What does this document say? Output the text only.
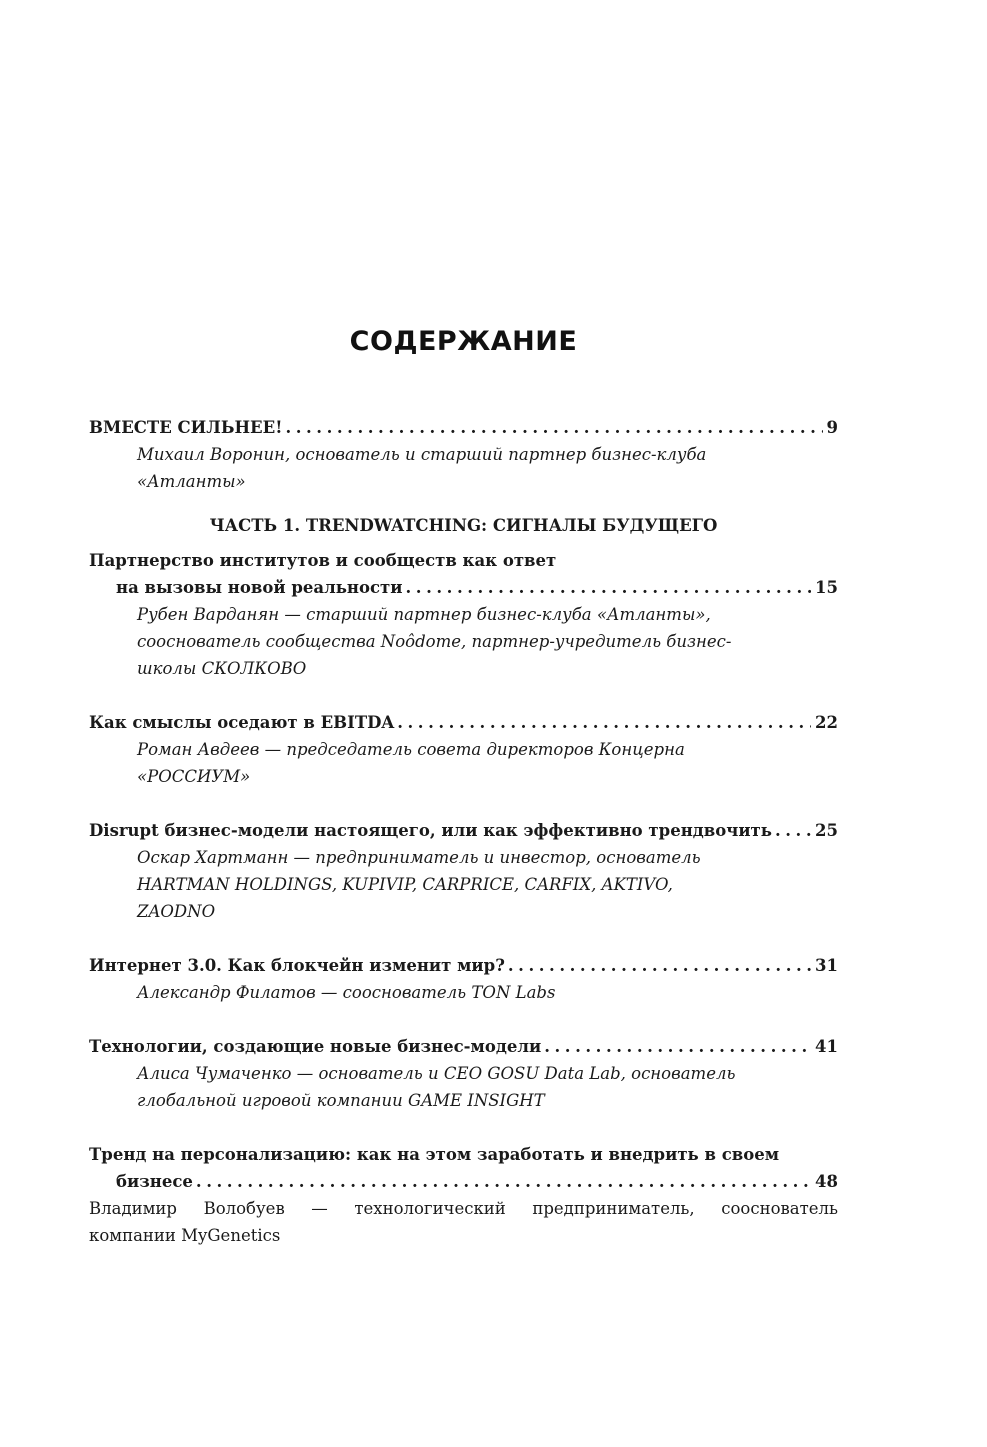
СОДЕРЖАНИЕ
ВМЕСТЕ СИЛЬНЕЕ! . . .	9
Михаил Воронин, основатель и старший партнер бизнес-клуба
«Атланты»
ЧАСТЬ 1. TRENDWATCHING: СИГНАЛЫ БУДУЩЕГО
Партнерство институтов и сообществ как ответ
на вызовы новой реальности . . .	15
Рубен Варданян — старший партнер бизнес-клуба «Атланты»,
сооснователь сообщества Noôdome, партнер-учредитель бизнес-
школы СКОЛКОВО
Как смыслы оседают в EBITDA . . .	22
Роман Авдеев — председатель совета директоров Концерна
«РОССИУМ»
Disrupt бизнес-модели настоящего, или как эффективно трендвочить . . .	25
Оскар Хартманн — предприниматель и инвестор, основатель
HARTMAN HOLDINGS, KUPIVIP, CARPRICE, CARFIX, AKTIVO,
ZAODNO
Интернет 3.0. Как блокчейн изменит мир? . . .	31
Александр Филатов — сооснователь TON Labs
Технологии, создающие новые бизнес-модели . . .	41
Алиса Чумаченко — основатель и CEO GOSU Data Lab, основатель
глобальной игровой компании GAME INSIGHT
Тренд на персонализацию: как на этом заработать и внедрить в своем
бизнесе . . .	48
Владимир Волобуев — технологический предприниматель, сооснователь
компании MyGenetics
